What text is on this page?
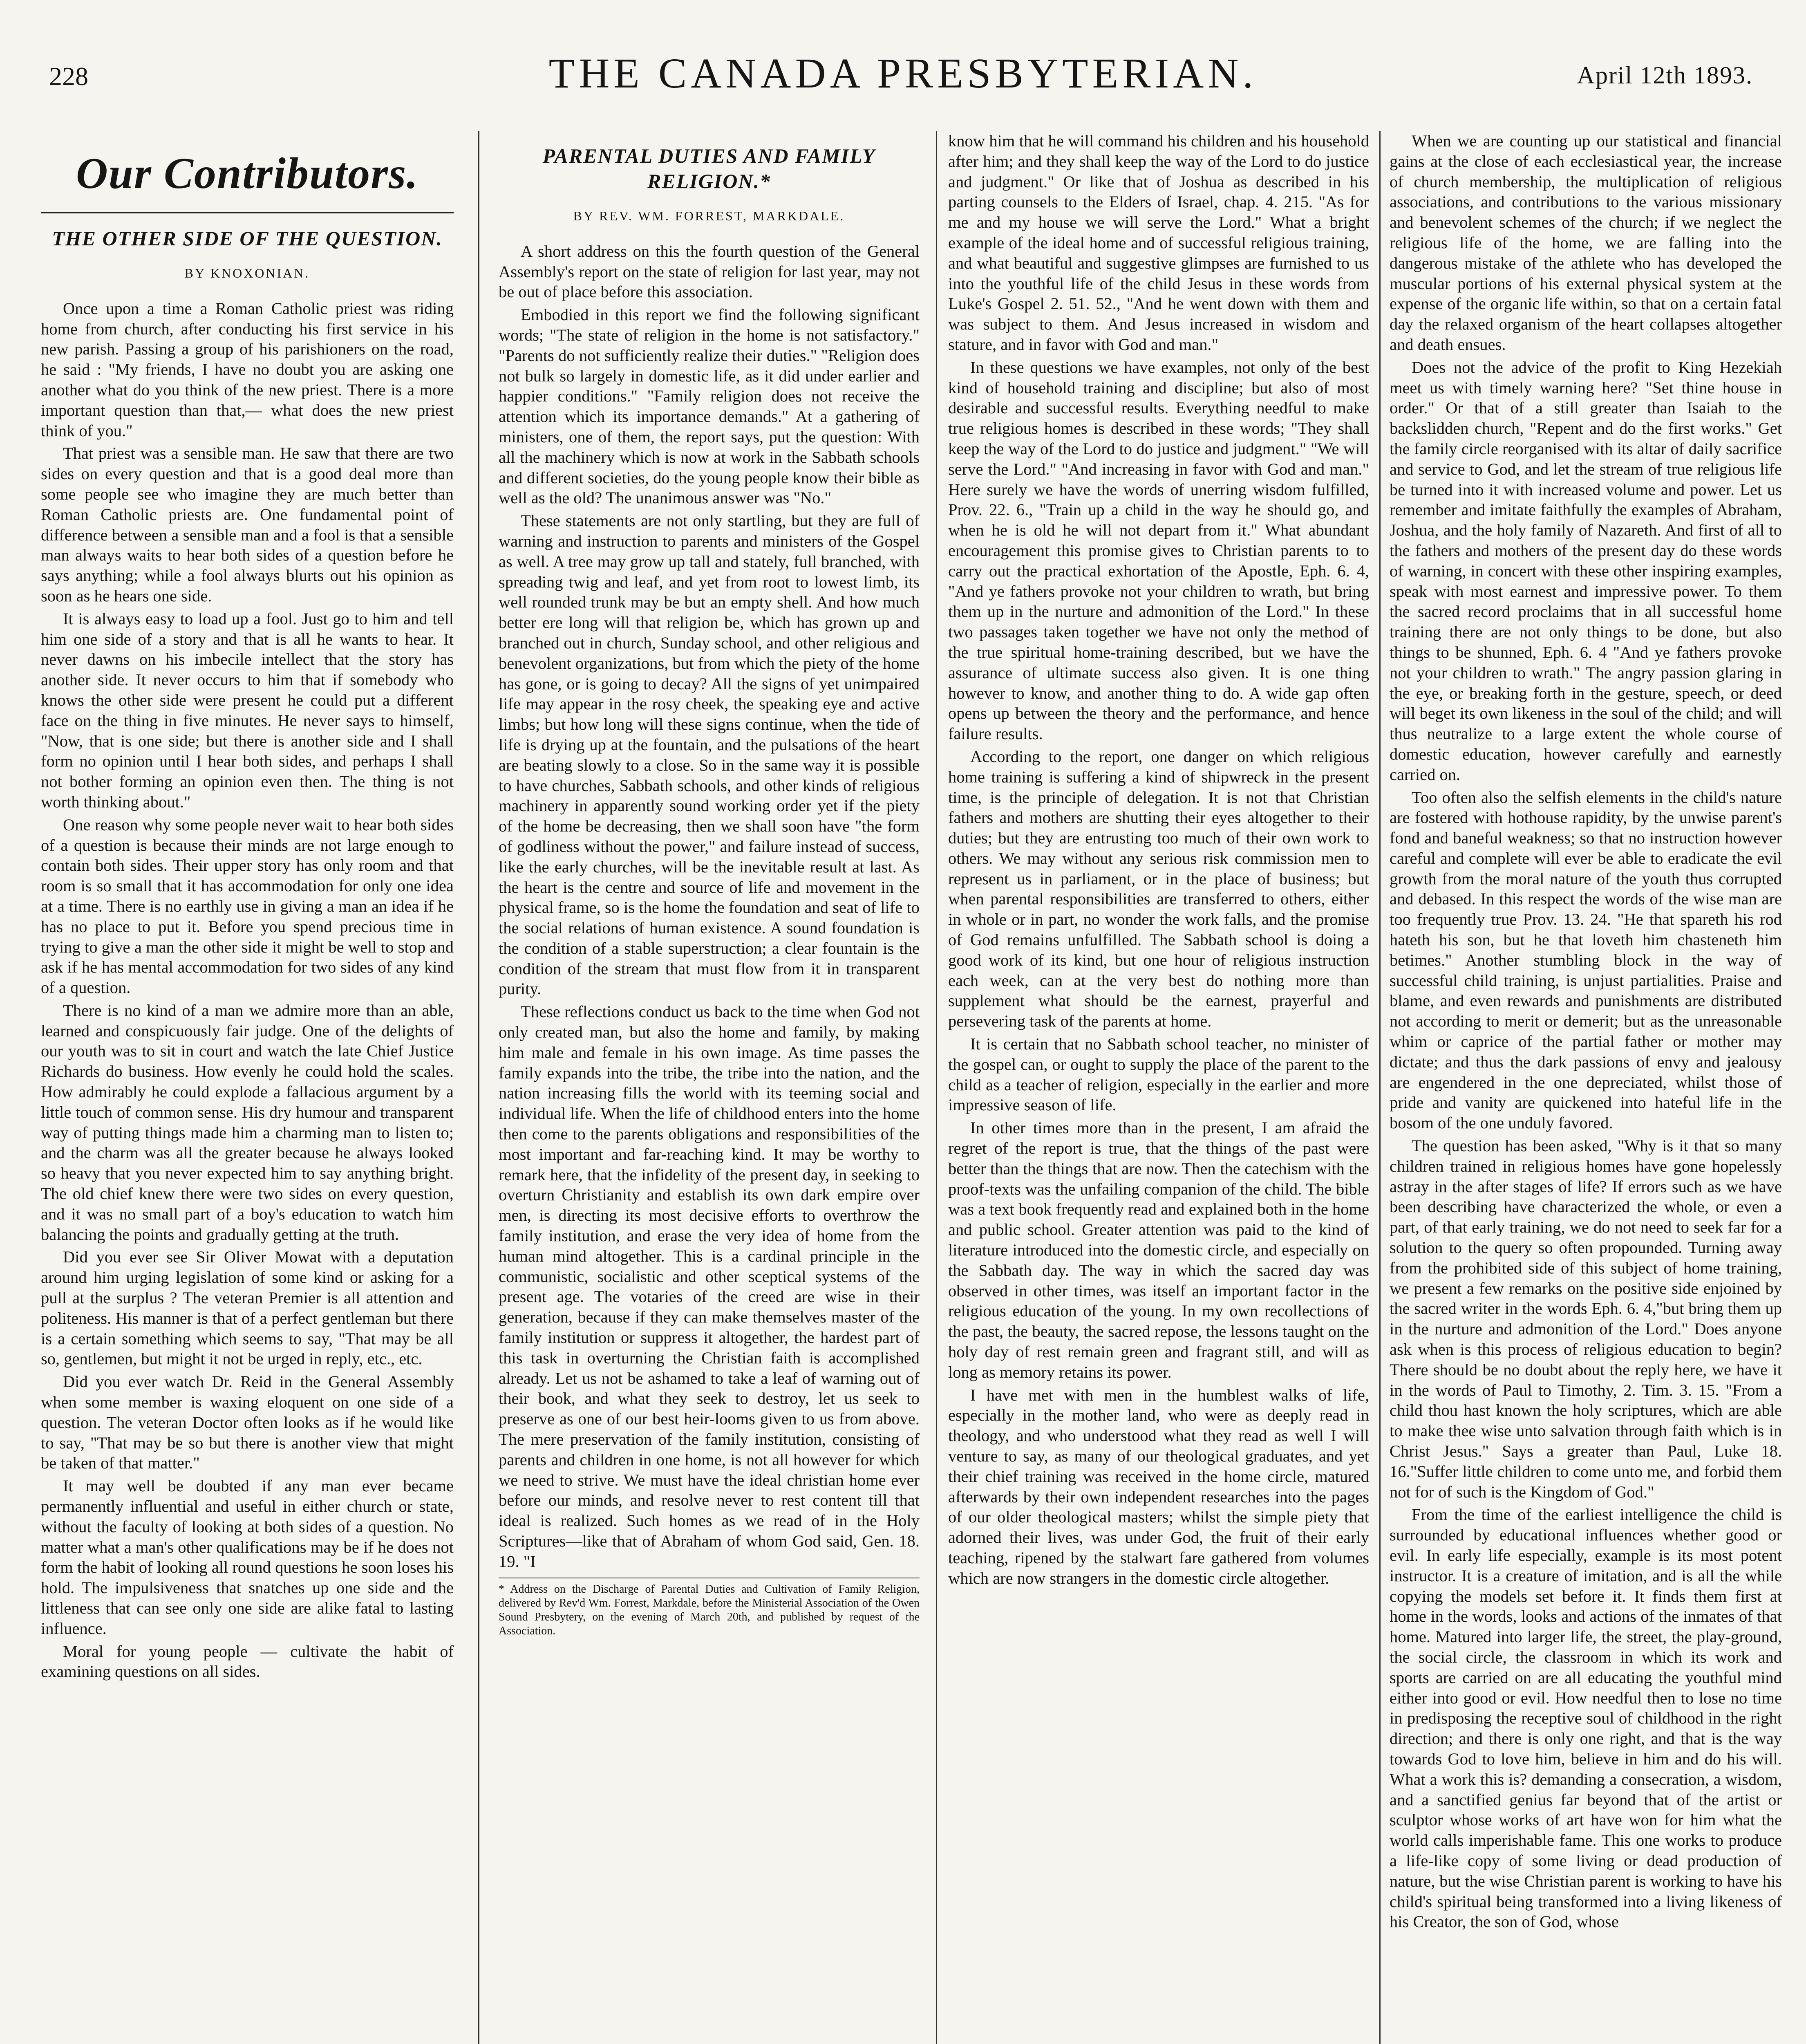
228	THE CANADA PRESBYTERIAN.	April 12th 1893.
Our Contributors.
THE OTHER SIDE OF THE QUESTION.
BY KNOXONIAN.

Once upon a time a Roman Catholic priest was riding home from church, after conducting his first service in his new parish. Passing a group of his parishioners on the road, he said : "My friends, I have no doubt you are asking one another what do you think of the new priest. There is a more important question than that,— what does the new priest think of you."

That priest was a sensible man. He saw that there are two sides on every question and that is a good deal more than some people see who imagine they are much better than Roman Catholic priests are. One fundamental point of difference between a sensible man and a fool is that a sensible man always waits to hear both sides of a question before he says anything; while a fool always blurts out his opinion as soon as he hears one side.

It is always easy to load up a fool. Just go to him and tell him one side of a story and that is all he wants to hear. It never dawns on his imbecile intellect that the story has another side. It never occurs to him that if somebody who knows the other side were present he could put a different face on the thing in five minutes. He never says to himself, "Now, that is one side; but there is another side and I shall form no opinion until I hear both sides, and perhaps I shall not bother forming an opinion even then. The thing is not worth thinking about."

One reason why some people never wait to hear both sides of a question is because their minds are not large enough to contain both sides. Their upper story has only room and that room is so small that it has accommodation for only one idea at a time. There is no earthly use in giving a man an idea if he has no place to put it. Before you spend precious time in trying to give a man the other side it might be well to stop and ask if he has mental accommodation for two sides of any kind of a question.

There is no kind of a man we admire more than an able, learned and conspicuously fair judge. One of the delights of our youth was to sit in court and watch the late Chief Justice Richards do business. How evenly he could hold the scales. How admirably he could explode a fallacious argument by a little touch of common sense. His dry humour and transparent way of putting things made him a charming man to listen to; and the charm was all the greater because he always looked so heavy that you never expected him to say anything bright. The old chief knew there were two sides on every question, and it was no small part of a boy's education to watch him balancing the points and gradually getting at the truth.

Did you ever see Sir Oliver Mowat with a deputation around him urging legislation of some kind or asking for a pull at the surplus ? The veteran Premier is all attention and politeness. His manner is that of a perfect gentleman but there is a certain something which seems to say, "That may be all so, gentlemen, but might it not be urged in reply, etc., etc.

Did you ever watch Dr. Reid in the General Assembly when some member is waxing eloquent on one side of a question. The veteran Doctor often looks as if he would like to say, "That may be so but there is another view that might be taken of that matter."

It may well be doubted if any man ever became permanently influential and useful in either church or state, without the faculty of looking at both sides of a question. No matter what a man's other qualifications may be if he does not form the habit of looking all round questions he soon loses his hold. The impulsiveness that snatches up one side and the littleness that can see only one side are alike fatal to lasting influence.

Moral for young people — cultivate the habit of examining questions on all sides.

PARENTAL DUTIES AND FAMILY RELIGION.*
BY REV. WM. FORREST, MARKDALE.

A short address on this the fourth question of the General Assembly's report on the state of religion for last year, may not be out of place before this association.

Embodied in this report we find the following significant words; "The state of religion in the home is not satisfactory." "Parents do not sufficiently realize their duties." "Religion does not bulk so largely in domestic life, as it did under earlier and happier conditions." "Family religion does not receive the attention which its importance demands." At a gathering of ministers, one of them, the report says, put the question: With all the machinery which is now at work in the Sabbath schools and different societies, do the young people know their bible as well as the old? The unanimous answer was "No."

These statements are not only startling, but they are full of warning and instruction to parents and ministers of the Gospel as well. A tree may grow up tall and stately, full branched, with spreading twig and leaf, and yet from root to lowest limb, its well rounded trunk may be but an empty shell. And how much better ere long will that religion be, which has grown up and branched out in church, Sunday school, and other religious and benevolent organizations, but from which the piety of the home has gone, or is going to decay? All the signs of yet unimpaired life may appear in the rosy cheek, the speaking eye and active limbs; but how long will these signs continue, when the tide of life is drying up at the fountain, and the pulsations of the heart are beating slowly to a close. So in the same way it is possible to have churches, Sabbath schools, and other kinds of religious machinery in apparently sound working order yet if the piety of the home be decreasing, then we shall soon have "the form of godliness without the power," and failure instead of success, like the early churches, will be the inevitable result at last. As the heart is the centre and source of life and movement in the physical frame, so is the home the foundation and seat of life to the social relations of human existence. A sound foundation is the condition of a stable superstruction; a clear fountain is the condition of the stream that must flow from it in transparent purity.

These reflections conduct us back to the time when God not only created man, but also the home and family, by making him male and female in his own image. As time passes the family expands into the tribe, the tribe into the nation, and the nation increasing fills the world with its teeming social and individual life. When the life of childhood enters into the home then come to the parents obligations and responsibilities of the most important and far-reaching kind. It may be worthy to remark here, that the infidelity of the present day, in seeking to overturn Christianity and establish its own dark empire over men, is directing its most decisive efforts to overthrow the family institution, and erase the very idea of home from the human mind altogether. This is a cardinal principle in the communistic, socialistic and other sceptical systems of the present age. The votaries of the creed are wise in their generation, because if they can make themselves master of the family institution or suppress it altogether, the hardest part of this task in overturning the Christian faith is accomplished already. Let us not be ashamed to take a leaf of warning out of their book, and what they seek to destroy, let us seek to preserve as one of our best heir-looms given to us from above. The mere preservation of the family institution, consisting of parents and children in one home, is not all however for which we need to strive. We must have the ideal christian home ever before our minds, and resolve never to rest content till that ideal is realized. Such homes as we read of in the Holy Scriptures—like that of Abraham of whom God said, Gen. 18. 19. "I

* Address on the Discharge of Parental Duties and Cultivation of Family Religion, delivered by Rev'd Wm. Forrest, Markdale, before the Ministerial Association of the Owen Sound Presbytery, on the evening of March 20th, and published by request of the Association.

know him that he will command his children and his household after him; and they shall keep the way of the Lord to do justice and judgment." Or like that of Joshua as described in his parting counsels to the Elders of Israel, chap. 4. 215. "As for me and my house we will serve the Lord." What a bright example of the ideal home and of successful religious training, and what beautiful and suggestive glimpses are furnished to us into the youthful life of the child Jesus in these words from Luke's Gospel 2. 51. 52., "And he went down with them and was subject to them. And Jesus increased in wisdom and stature, and in favor with God and man."

In these questions we have examples, not only of the best kind of household training and discipline; but also of most desirable and successful results. Everything needful to make true religious homes is described in these words; "They shall keep the way of the Lord to do justice and judgment." "We will serve the Lord." "And increasing in favor with God and man." Here surely we have the words of unerring wisdom fulfilled, Prov. 22. 6., "Train up a child in the way he should go, and when he is old he will not depart from it." What abundant encouragement this promise gives to Christian parents to to carry out the practical exhortation of the Apostle, Eph. 6. 4, "And ye fathers provoke not your children to wrath, but bring them up in the nurture and admonition of the Lord." In these two passages taken together we have not only the method of the true spiritual home-training described, but we have the assurance of ultimate success also given. It is one thing however to know, and another thing to do. A wide gap often opens up between the theory and the performance, and hence failure results.

According to the report, one danger on which religious home training is suffering a kind of shipwreck in the present time, is the principle of delegation. It is not that Christian fathers and mothers are shutting their eyes altogether to their duties; but they are entrusting too much of their own work to others. We may without any serious risk commission men to represent us in parliament, or in the place of business; but when parental responsibilities are transferred to others, either in whole or in part, no wonder the work falls, and the promise of God remains unfulfilled. The Sabbath school is doing a good work of its kind, but one hour of religious instruction each week, can at the very best do nothing more than supplement what should be the earnest, prayerful and persevering task of the parents at home.

It is certain that no Sabbath school teacher, no minister of the gospel can, or ought to supply the place of the parent to the child as a teacher of religion, especially in the earlier and more impressive season of life.

In other times more than in the present, I am afraid the regret of the report is true, that the things of the past were better than the things that are now. Then the catechism with the proof-texts was the unfailing companion of the child. The bible was a text book frequently read and explained both in the home and public school. Greater attention was paid to the kind of literature introduced into the domestic circle, and especially on the Sabbath day. The way in which the sacred day was observed in other times, was itself an important factor in the religious education of the young. In my own recollections of the past, the beauty, the sacred repose, the lessons taught on the holy day of rest remain green and fragrant still, and will as long as memory retains its power.

I have met with men in the humblest walks of life, especially in the mother land, who were as deeply read in theology, and who understood what they read as well I will venture to say, as many of our theological graduates, and yet their chief training was received in the home circle, matured afterwards by their own independent researches into the pages of our older theological masters; whilst the simple piety that adorned their lives, was under God, the fruit of their early teaching, ripened by the stalwart fare gathered from volumes which are now strangers in the domestic circle altogether.

When we are counting up our statistical and financial gains at the close of each ecclesiastical year, the increase of church membership, the multiplication of religious associations, and contributions to the various missionary and benevolent schemes of the church; if we neglect the religious life of the home, we are falling into the dangerous mistake of the athlete who has developed the muscular portions of his external physical system at the expense of the organic life within, so that on a certain fatal day the relaxed organism of the heart collapses altogether and death ensues.

Does not the advice of the profit to King Hezekiah meet us with timely warning here? "Set thine house in order." Or that of a still greater than Isaiah to the backslidden church, "Repent and do the first works." Get the family circle reorganised with its altar of daily sacrifice and service to God, and let the stream of true religious life be turned into it with increased volume and power. Let us remember and imitate faithfully the examples of Abraham, Joshua, and the holy family of Nazareth. And first of all to the fathers and mothers of the present day do these words of warning, in concert with these other inspiring examples, speak with most earnest and impressive power. To them the sacred record proclaims that in all successful home training there are not only things to be done, but also things to be shunned, Eph. 6. 4 "And ye fathers provoke not your children to wrath." The angry passion glaring in the eye, or breaking forth in the gesture, speech, or deed will beget its own likeness in the soul of the child; and will thus neutralize to a large extent the whole course of domestic education, however carefully and earnestly carried on.

Too often also the selfish elements in the child's nature are fostered with hothouse rapidity, by the unwise parent's fond and baneful weakness; so that no instruction however careful and complete will ever be able to eradicate the evil growth from the moral nature of the youth thus corrupted and debased. In this respect the words of the wise man are too frequently true Prov. 13. 24. "He that spareth his rod hateth his son, but he that loveth him chasteneth him betimes." Another stumbling block in the way of successful child training, is unjust partialities. Praise and blame, and even rewards and punishments are distributed not according to merit or demerit; but as the unreasonable whim or caprice of the partial father or mother may dictate; and thus the dark passions of envy and jealousy are engendered in the one depreciated, whilst those of pride and vanity are quickened into hateful life in the bosom of the one unduly favored.

The question has been asked, "Why is it that so many children trained in religious homes have gone hopelessly astray in the after stages of life? If errors such as we have been describing have characterized the whole, or even a part, of that early training, we do not need to seek far for a solution to the query so often propounded. Turning away from the prohibited side of this subject of home training, we present a few remarks on the positive side enjoined by the sacred writer in the words Eph. 6. 4,"but bring them up in the nurture and admonition of the Lord." Does anyone ask when is this process of religious education to begin? There should be no doubt about the reply here, we have it in the words of Paul to Timothy, 2. Tim. 3. 15. "From a child thou hast known the holy scriptures, which are able to make thee wise unto salvation through faith which is in Christ Jesus." Says a greater than Paul, Luke 18. 16."Suffer little children to come unto me, and forbid them not for of such is the Kingdom of God."

From the time of the earliest intelligence the child is surrounded by educational influences whether good or evil. In early life especially, example is its most potent instructor. It is a creature of imitation, and is all the while copying the models set before it. It finds them first at home in the words, looks and actions of the inmates of that home. Matured into larger life, the street, the play-ground, the social circle, the classroom in which its work and sports are carried on are all educating the youthful mind either into good or evil. How needful then to lose no time in predisposing the receptive soul of childhood in the right direction; and there is only one right, and that is the way towards God to love him, believe in him and do his will. What a work this is? demanding a consecration, a wisdom, and a sanctified genius far beyond that of the artist or sculptor whose works of art have won for him what the world calls imperishable fame. This one works to produce a life-like copy of some living or dead production of nature, but the wise Christian parent is working to have his child's spiritual being transformed into a living likeness of his Creator, the son of God, whose
